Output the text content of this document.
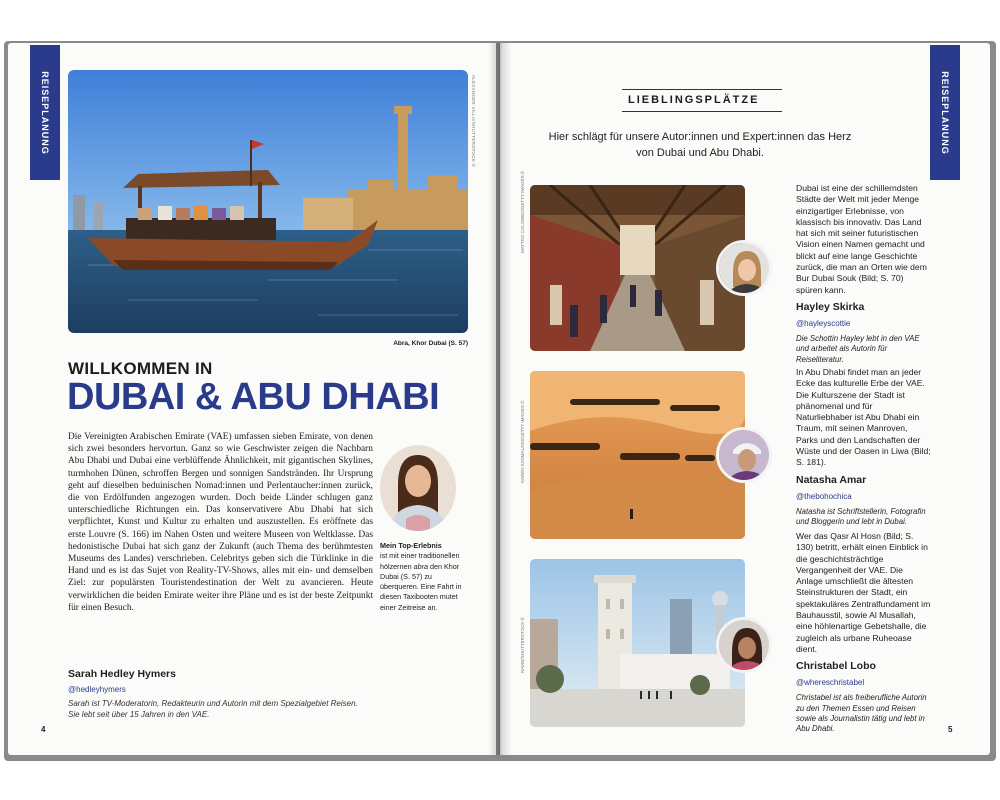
REISEPLANUNG	ALEXANDER VILLA/SHUTTERSTOCK ©
Abra, Khor Dubai (S. 57)
WILLKOMMEN IN
DUBAI & ABU DHABI
Die Vereinigten Arabischen Emirate (VAE) umfassen sieben Emirate, von denen sich zwei besonders hervortun. Ganz so wie Geschwister zeigen die Nachbarn Abu Dhabi und Dubai eine verblüffende Ähnlichkeit, mit gigantischen Skylines, turmhohen Dünen, schroffen Bergen und sonnigen Sandstränden. Ihr Ursprung geht auf dieselben beduinischen Nomad:innen und Perlentaucher:innen zurück, die von Erdölfunden angezogen wurden. Doch beide Länder schlugen ganz unterschiedliche Richtungen ein. Das konservativere Abu Dhabi hat sich verpflichtet, Kunst und Kultur zu erhalten und auszustellen. Es eröffnete das erste Louvre (S. 166) im Nahen Osten und weitere Museen von Weltklasse. Das hedonistische Dubai hat sich ganz der Zukunft (auch Thema des berühmtesten Museums des Landes) verschrieben. Celebritys geben sich die Türklinke in die Hand und es ist das Sujet von Reality-TV-Shows, alles mit ein- und demselben Ziel: zur populärsten Touristendestination der Welt zu avancieren. Heute verwirklichen die beiden Emirate weiter ihre Pläne und es ist der beste Zeitpunkt für einen Besuch.
Sarah Hedley Hymers
@hedleyhymers
Sarah ist TV-Moderatorin, Redakteurin und Autorin mit dem Spezialgebiet Reisen. Sie lebt seit über 15 Jahren in den VAE.
Mein Top-Erlebnis
ist mit einer traditionellen hölzernen abra den Khor Dubai (S. 57) zu überqueren. Eine Fahrt in diesen Taxibooten mutet einer Zeitreise an.
4
REISEPLANUNG
LIEBLINGSPLÄTZE
Hier schlägt für unsere Autor:innen und Expert:innen das Herz von Dubai und Abu Dhabi.
MATTEO COLOMBO/GETTY IMAGES ©
KAREN KASMAUSKI/GETTY IMAGES ©
NAVIN/SHUTTERSTOCK ©
Dubai ist eine der schillerndsten Städte der Welt mit jeder Menge einzigartiger Erlebnisse, von klassisch bis innovativ. Das Land hat sich mit seiner futuristischen Vision einen Namen gemacht und blickt auf eine lange Geschichte zurück, die man an Orten wie dem Bur Dubai Souk (Bild; S. 70) spüren kann.
Hayley Skirka
@hayleyscottie
Die Schottin Hayley lebt in den VAE und arbeitet als Autorin für Reiseliteratur.
In Abu Dhabi findet man an jeder Ecke das kulturelle Erbe der VAE. Die Kulturszene der Stadt ist phänomenal und für Naturliebhaber ist Abu Dhabi ein Traum, mit seinen Manroven, Parks und den Landschaften der Wüste und der Oasen in Liwa (Bild; S. 181).
Natasha Amar
@thebohochica
Natasha ist Schriftstellerin, Fotografin und Bloggerin und lebt in Dubai.
Wer das Qasr Al Hosn (Bild; S. 130) betritt, erhält einen Einblick in die geschichtsträchtige Vergangenheit der VAE. Die Anlage umschließt die ältesten Steinstrukturen der Stadt, ein spektakuläres Zentralfundament im Bauhausstil, sowie Al Musallah, eine höhlenartige Gebetshalle, die zugleich als urbane Ruheoase dient.
Christabel Lobo
@whereschristabel
Christabel ist als freiberufliche Autorin zu den Themen Essen und Reisen sowie als Journalistin tätig und lebt in Abu Dhabi.	5
